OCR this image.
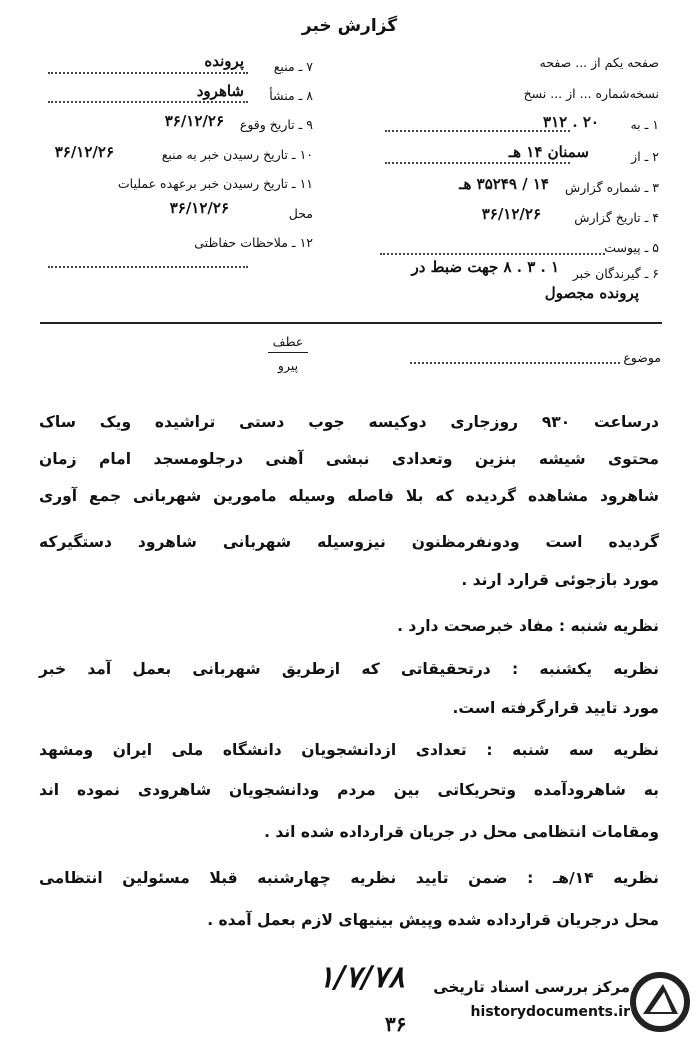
گزارش خبر
صفحه یکم از ... صفحه
نسخه‌شماره ... از ... نسخ
۱ ـ به
۲۰ . ۳۱۲
۲ ـ از
سمنان ۱۴ هـ
۳ ـ شماره گزارش
۱۴ / ۳۵۲۴۹ هـ
۴ ـ تاریخ گزارش
۳۶/۱۲/۲۶
۵ ـ پیوست
۶ ـ گیرندگان خبر
۱ . ۳ . ۸ جهت ضبط در
پرونده مجصول
۷ ـ منبع
پرونده
۸ ـ منشأ
شاهرود
۹ ـ تاریخ وقوع
۳۶/۱۲/۲۶
۱۰ ـ تاریخ رسیدن خبر به منبع
۳۶/۱۲/۲۶
۱۱ ـ تاریخ رسیدن خبر برعهده عملیات
محل
۳۶/۱۲/۲۶
۱۲ ـ ملاحظات حفاظتی
موضوع
عطف
پیرو
درساعت ۹۳۰ روزجاری دوکیسه جوب دستی تراشیده ویک ساک
محتوی شیشه بنزین وتعدادی نبشی آهنی درجلومسجد امام زمان
شاهرود مشاهده گردیده که بلا فاصله وسیله مامورین شهربانی جمع آوری
گردیده است ودونفرمظنون نیزوسیله شهربانی شاهرود دستگیرکه
مورد بازجوئی قرارد ارند .
نظریه شنبه : مفاد خبرصحت دارد .
نظریه یکشنبه : درتحقیقاتی که ازطریق شهربانی بعمل آمد خبر
مورد تایید قرارگرفته است.
نظریه سه شنبه : تعدادی ازدانشجویان دانشگاه ملی ایران ومشهد
به شاهرودآمده وتحریکاتی بین مردم ودانشجویان شاهرودی نموده اند
ومقامات انتظامی محل در جریان قرارداده شده اند .
نظریه ۱۴/هـ : ضمن تایید نظریه چهارشنبه قبلا مسئولین انتظامی
محل درجریان قرارداده شده وپیش بینیهای لازم بعمل آمده .
۱/۷/۷۸
۳۶
مرکز بررسی اسناد تاریخی
historydocuments.ir
